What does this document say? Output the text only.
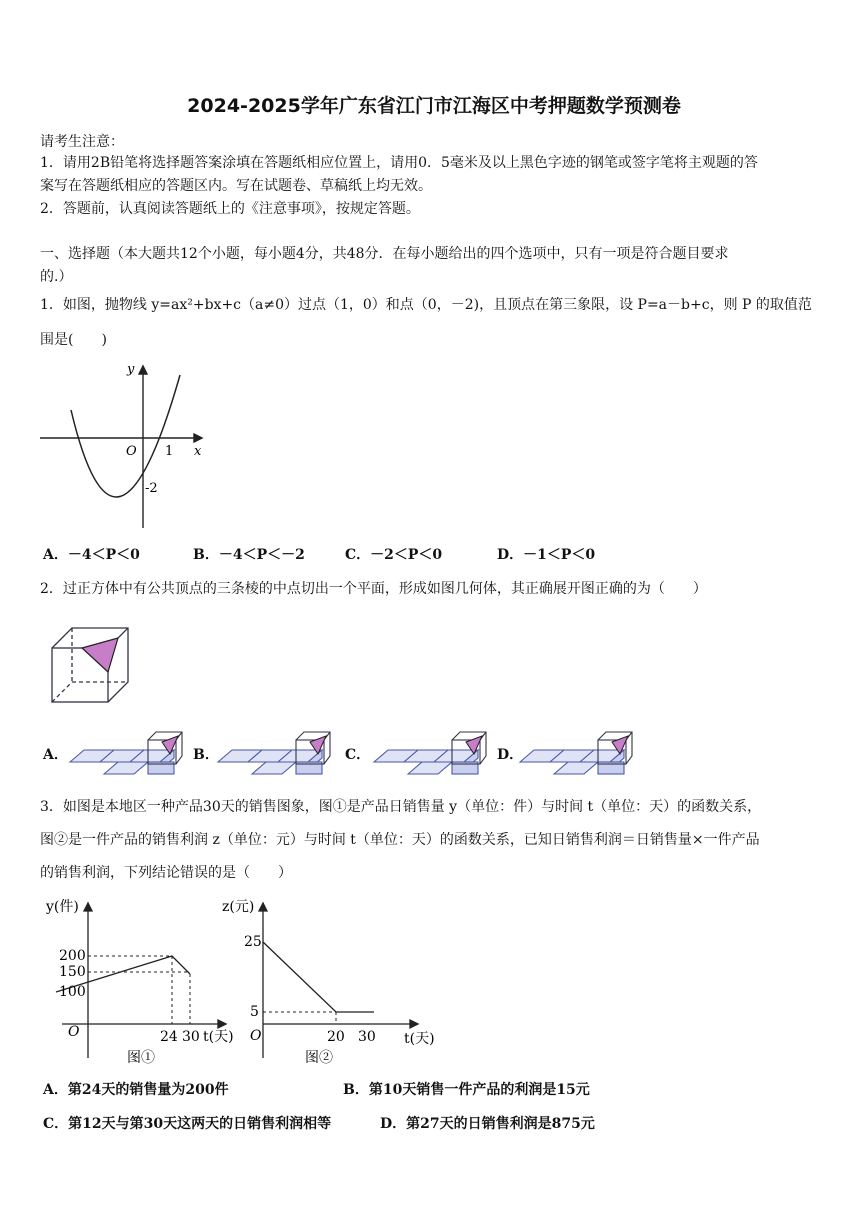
2024-2025学年广东省江门市江海区中考押题数学预测卷
请考生注意：
1．请用2B铅笔将选择题答案涂填在答题纸相应位置上，请用0．5毫米及以上黑色字迹的钢笔或签字笔将主观题的答
案写在答题纸相应的答题区内。写在试题卷、草稿纸上均无效。
2．答题前，认真阅读答题纸上的《注意事项》，按规定答题。
一、选择题（本大题共12个小题，每小题4分，共48分．在每小题给出的四个选项中，只有一项是符合题目要求
的.）
1．如图，抛物线 y=ax²+bx+c（a≠0）过点（1，0）和点（0，－2)，且顶点在第三象限，设 P=a－b+c，则 P 的取值范
围是(　　)
y
x
O 1
-2
A．－4＜P＜0	B．－4＜P＜－2	C．－2＜P＜0	D．－1＜P＜0
2．过正方体中有公共顶点的三条棱的中点切出一个平面，形成如图几何体，其正确展开图正确的为（　　）
A．	B．	C．	D．
3．如图是本地区一种产品30天的销售图象，图①是产品日销售量 y（单位：件）与时间 t（单位：天）的函数关系，
图②是一件产品的销售利润 z（单位：元）与时间 t（单位：天）的函数关系，已知日销售利润＝日销售量×一件产品
的销售利润，下列结论错误的是（　　）
y(件)
200
150
100
O	24 30 t(天)
图①
z(元)
25
5
O	20 30 t(天)
图②
A．第24天的销售量为200件	B．第10天销售一件产品的利润是15元
C．第12天与第30天这两天的日销售利润相等	D．第27天的日销售利润是875元
